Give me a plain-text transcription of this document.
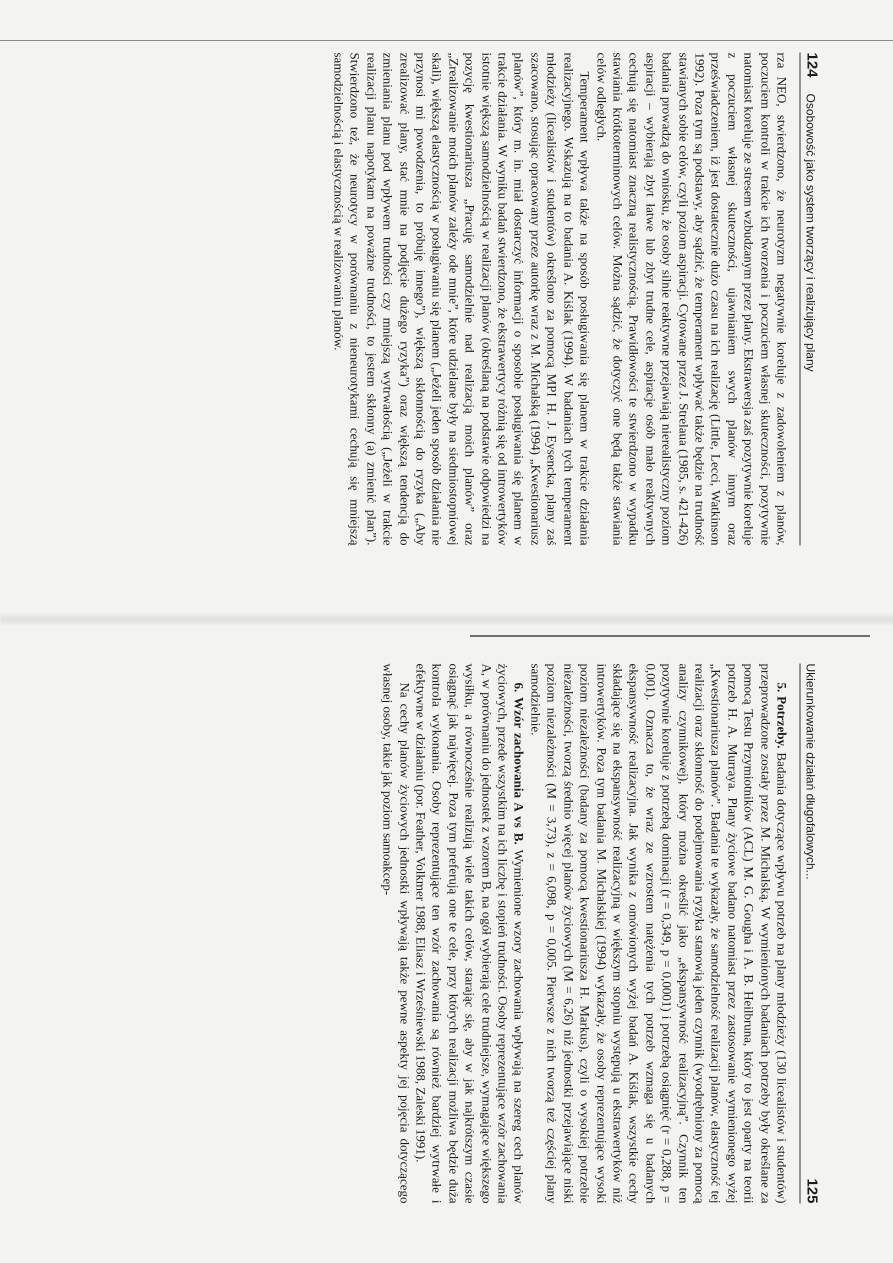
124
Osobowość jako system tworzący i realizujący plany

rza NEO, stwierdzono, że neurotyzm negatywnie koreluje z zadowoleniem z planów, poczuciem kontroli w trakcie ich tworzenia i poczuciem własnej skuteczności, pozytywnie natomiast koreluje ze stresem wzbudzanym przez plany. Ekstrawersja zaś pozytywnie koreluje z poczuciem własnej skuteczności, ujawnianiem swych planów innym oraz przeświadczeniem, iż jest dostatecznie dużo czasu na ich realizację (Little, Lecci, Watkinson 1992). Poza tym są podstawy, aby sądzić, że temperament wpływać także będzie na trudność stawianych sobie celów, czyli poziom aspiracji. Cytowane przez J. Strelaua (1985, s. 421-426) badania prowadzą do wniosku, że osoby silnie reaktywne przejawiają nierealistyczny poziom aspiracji – wybierają zbyt łatwe lub zbyt trudne cele, aspiracje osób mało reaktywnych cechują się natomiast znaczną realistycznością. Prawidłowości te stwierdzono w wypadku stawiania krótkoterminowych celów. Można sądzić, że dotyczyć one będą także stawiania celów odległych.

Temperament wpływa także na sposób posługiwania się planem w trakcie działania realizacyjnego. Wskazują na to badania A. Kiślak (1994). W badaniach tych temperament młodzieży (licealistów i studentów) określono za pomocą MPI H. J. Eysencka, plany zaś szacowano, stosując opracowany przez autorkę wraz z M. Michalską (1994) „Kwestionariusz planów”, który m. in. miał dostarczyć informacji o sposobie posługiwania się planem w trakcie działania. W wyniku badań stwierdzono, że ekstrawertycy różnią się od introwertyków istotnie większą samodzielnością w realizacji planów (określaną na podstawie odpowiedzi na pozycję kwestionariusza „Pracuję samodzielnie nad realizacją moich planów” oraz „Zrealizowanie moich planów zależy ode mnie”, które udzielane były na siedmiostopniowej skali), większą elastycznością w posługiwaniu się planem („Jeżeli jeden sposób działania nie przynosi mi powodzenia, to próbuję innego”), większą skłonnością do ryzyka („Aby zrealizować plany, stać mnie na podjęcie dużego ryzyka”) oraz większą tendencją do zmieniania planu pod wpływem trudności czy mniejszą wytrwałością („Jeżeli w trakcie realizacji planu napotykam na poważne trudności, to jestem skłonny (a) zmienić plan”). Stwierdzono też, że neurotycy w porównaniu z nieneurotykami cechują się mniejszą samodzielnością i elastycznością w realizowaniu planów.

Ukierunkowanie działań długofalowych...
125

5. Potrzeby. Badania dotyczące wpływu potrzeb na plany młodzieży (130 licealistów i studentów) przeprowadzone zostały przez M. Michalską. W wymienionych badaniach potrzeby były określane za pomocą Testu Przymiotników (ACL) M. G. Gougha i A. B. Heilbruna, który to jest oparty na teorii potrzeb H. A. Murraya. Plany życiowe badano natomiast przez zastosowanie wymienionego wyżej „Kwestionariusza planów”. Badania te wykazały, że samodzielność realizacji planów, elastyczność tej realizacji oraz skłonność do podejmowania ryzyka stanowią jeden czynnik (wyodrębniony za pomocą analizy czynnikowej), który można określić jako „ekspansywność realizacyjną”. Czynnik ten pozytywnie koreluje z potrzebą dominacji (r = 0,349, p = 0,0001) i potrzebą osiągnięć (r = 0,288, p = 0,001). Oznacza to, że wraz ze wzrostem natężenia tych potrzeb wzmaga się u badanych ekspansywność realizacyjna. Jak wynika z omówionych wyżej badań A. Kiślak, wszystkie cechy składające się na ekspansywność realizacyjną w większym stopniu występują u ekstrawertyków niż introwertyków. Poza tym badania M. Michalskiej (1994) wykazały, że osoby reprezentujące wysoki poziom niezależności (badany za pomocą kwestionariusza H. Markus), czyli o wysokiej potrzebie niezależności, tworzą średnio więcej planów życiowych (M = 6,26) niż jednostki przejawiające niski poziom niezależności (M = 3,73), z = 6,098, p = 0,005. Pierwsze z nich tworzą też częściej plany samodzielnie.

6. Wzór zachowania A vs B. Wymienione wzory zachowania wpływają na szereg cech planów życiowych, przede wszystkim na ich liczbę i stopień trudności. Osoby reprezentujące wzór zachowania A, w porównaniu do jednostek z wzorem B, na ogół wybierają cele trudniejsze, wymagające większego wysiłku, a równocześnie realizują wiele takich celów, starając się, aby w jak najkrótszym czasie osiągnąć jak najwięcej. Poza tym preferują one te cele, przy których realizacji możliwa będzie duża kontrola wykonania. Osoby reprezentujące ten wzór zachowania są również bardziej wytrwałe i efektywne w działaniu (por. Feather, Volkmer 1988, Eliasz i Wrześniewski 1988, Zaleski 1991).

Na cechy planów życiowych jednostki wpływają także pewne aspekty jej pojęcia dotyczącego własnej osoby, takie jak poziom samoakcep-
